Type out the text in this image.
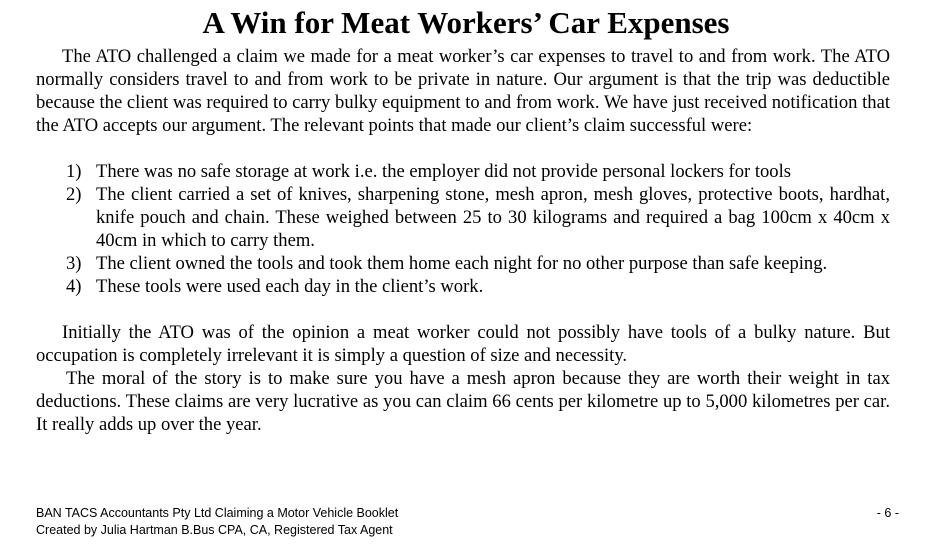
A Win for Meat Workers’ Car Expenses

The ATO challenged a claim we made for a meat worker’s car expenses to travel to and from work. The ATO normally considers travel to and from work to be private in nature. Our argument is that the trip was deductible because the client was required to carry bulky equipment to and from work. We have just received notification that the ATO accepts our argument. The relevant points that made our client’s claim successful were:

1) There was no safe storage at work i.e. the employer did not provide personal lockers for tools
2) The client carried a set of knives, sharpening stone, mesh apron, mesh gloves, protective boots, hardhat, knife pouch and chain. These weighed between 25 to 30 kilograms and required a bag 100cm x 40cm x 40cm in which to carry them.
3) The client owned the tools and took them home each night for no other purpose than safe keeping.
4) These tools were used each day in the client’s work.

Initially the ATO was of the opinion a meat worker could not possibly have tools of a bulky nature. But occupation is completely irrelevant it is simply a question of size and necessity.

The moral of the story is to make sure you have a mesh apron because they are worth their weight in tax deductions. These claims are very lucrative as you can claim 66 cents per kilometre up to 5,000 kilometres per car. It really adds up over the year.

BAN TACS Accountants Pty Ltd Claiming a Motor Vehicle Booklet
Created by Julia Hartman B.Bus CPA, CA, Registered Tax Agent
- 6 -
